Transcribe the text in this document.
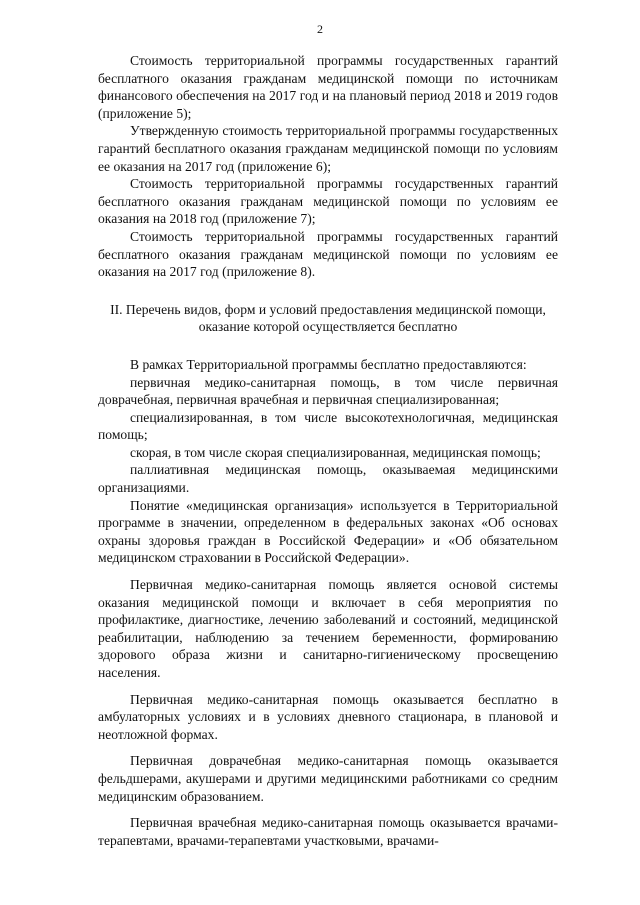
2

Стоимость территориальной программы государственных гарантий бесплатного оказания гражданам медицинской помощи по источникам финансового обеспечения на 2017 год и на плановый период 2018 и 2019 годов (приложение 5);

Утвержденную стоимость территориальной программы государственных гарантий бесплатного оказания гражданам медицинской помощи по условиям ее оказания на 2017 год (приложение 6);

Стоимость территориальной программы государственных гарантий бесплатного оказания гражданам медицинской помощи по условиям ее оказания на 2018 год (приложение 7);

Стоимость территориальной программы государственных гарантий бесплатного оказания гражданам медицинской помощи по условиям ее оказания на 2017 год (приложение 8).

II. Перечень видов, форм и условий предоставления медицинской помощи,
оказание которой осуществляется бесплатно

В рамках Территориальной программы бесплатно предоставляются:

первичная медико-санитарная помощь, в том числе первичная доврачебная, первичная врачебная и первичная специализированная;

специализированная, в том числе высокотехнологичная, медицинская помощь;

скорая, в том числе скорая специализированная, медицинская помощь;

паллиативная медицинская помощь, оказываемая медицинскими организациями.

Понятие «медицинская организация» используется в Территориальной программе в значении, определенном в федеральных законах «Об основах охраны здоровья граждан в Российской Федерации» и «Об обязательном медицинском страховании в Российской Федерации».

Первичная медико-санитарная помощь является основой системы оказания медицинской помощи и включает в себя мероприятия по профилактике, диагностике, лечению заболеваний и состояний, медицинской реабилитации, наблюдению за течением беременности, формированию здорового образа жизни и санитарно-гигиеническому просвещению населения.

Первичная медико-санитарная помощь оказывается бесплатно в амбулаторных условиях и в условиях дневного стационара, в плановой и неотложной формах.

Первичная доврачебная медико-санитарная помощь оказывается фельдшерами, акушерами и другими медицинскими работниками со средним медицинским образованием.

Первичная врачебная медико-санитарная помощь оказывается врачами-терапевтами, врачами-терапевтами участковыми, врачами-
